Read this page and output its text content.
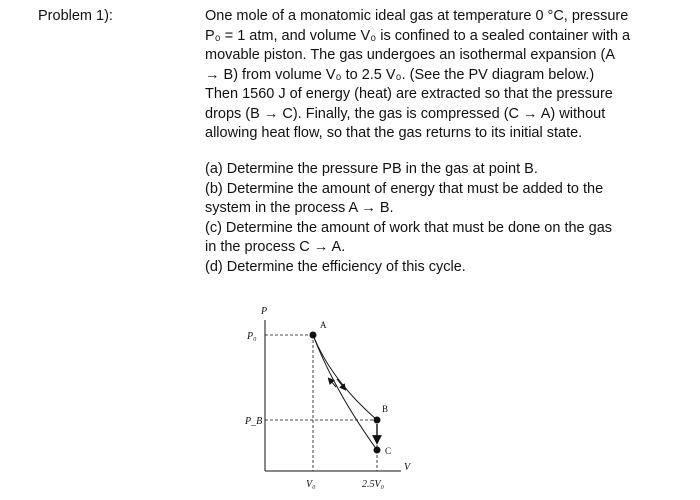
Problem 1):	One mole of a monatomic ideal gas at temperature 0 °C, pressure
P₀ = 1 atm, and volume V₀ is confined to a sealed container with a
movable piston. The gas undergoes an isothermal expansion (A
→ B) from volume V₀ to 2.5 V₀. (See the PV diagram below.)
Then 1560 J of energy (heat) are extracted so that the pressure
drops (B → C). Finally, the gas is compressed (C → A) without
allowing heat flow, so that the gas returns to its initial state.

(a) Determine the pressure PB in the gas at point B.
(b) Determine the amount of energy that must be added to the
system in the process A → B.
(c) Determine the amount of work that must be done on the gas
in the process C → A.
(d) Determine the efficiency of this cycle.
P
V
P₀
P_B
V₀	2.5V₀
A
B
C
